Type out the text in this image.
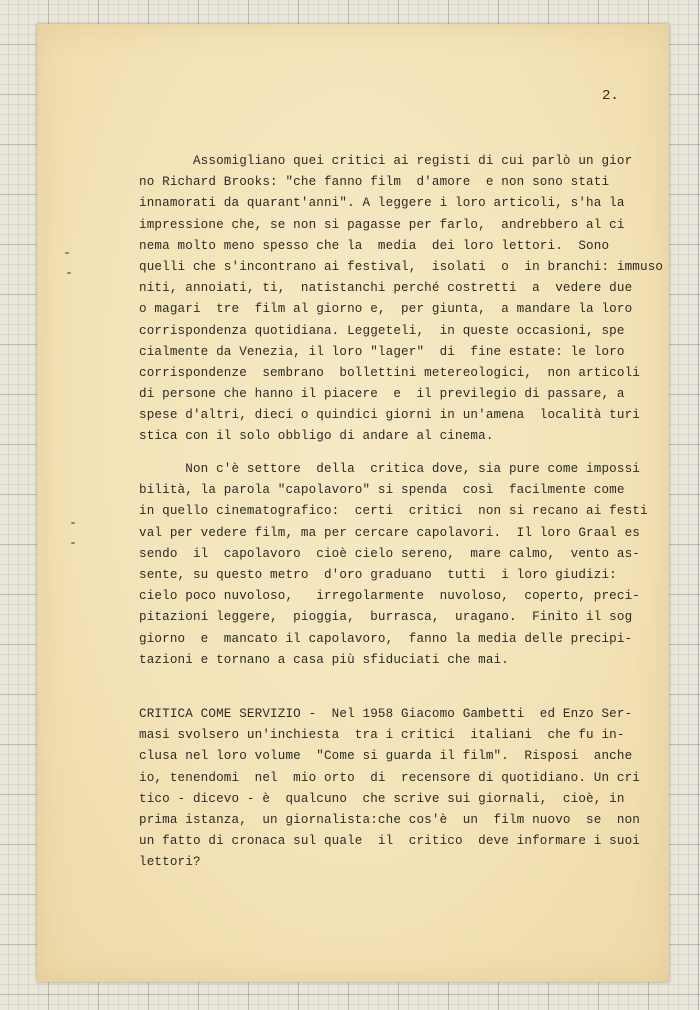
2.
Assomigliano quei critici ai registi di cui parlò un gior
no Richard Brooks: "che fanno film  d'amore  e non sono stati
innamorati da quarant'anni". A leggere i loro articoli, s'ha la
impressione che, se non si pagasse per farlo,  andrebbero al ci
nema molto meno spesso che la  media  dei loro lettori.  Sono
quelli che s'incontrano ai festival,  isolati  o  in branchi: immuso
niti, annoiati, ti,  natistanchi perché costretti  a  vedere due
o magari  tre  film al giorno e,  per giunta,  a mandare la loro
corrispondenza quotidiana. Leggeteli,  in queste occasioni, spe
cialmente da Venezia, il loro "lager"  di  fine estate: le loro
corrispondenze  sembrano  bollettini metereologici,  non articoli
di persone che hanno il piacere  e  il previlegio di passare, a
spese d'altri, dieci o quindici giorni in un'amena  località turi
stica con il solo obbligo di andare al cinema.
Non c'è settore  della  critica dove, sia pure come impossi
bilità, la parola "capolavoro" si spenda  così  facilmente come
in quello cinematografico:  certi  critici  non si recano ai festi
val per vedere film, ma per cercare capolavori.  Il loro Graal es
sendo  il  capolavoro  cioè cielo sereno,  mare calmo,  vento as-
sente, su questo metro  d'oro graduano  tutti  i loro giudizi:
cielo poco nuvoloso,   irregolarmente  nuvoloso,  coperto, preci-
pitazioni leggere,  pioggia,  burrasca,  uragano.  Finito il sog
giorno  e  mancato il capolavoro,  fanno la media delle precipi-
tazioni e tornano a casa più sfiduciati che mai.
CRITICA COME SERVIZIO -  Nel 1958 Giacomo Gambetti  ed Enzo Ser-
masi svolsero un'inchiesta  tra i critici  italiani  che fu in-
clusa nel loro volume  "Come si guarda il film".  Risposi  anche
io, tenendomi  nel  mio orto  di  recensore di quotidiano. Un cri
tico - dicevo - è  qualcuno  che scrive sui giornali,  cioè, in
prima istanza,  un giornalista:che cos'è  un  film nuovo  se  non
un fatto di cronaca sul quale  il  critico  deve informare i suoi
lettori?
